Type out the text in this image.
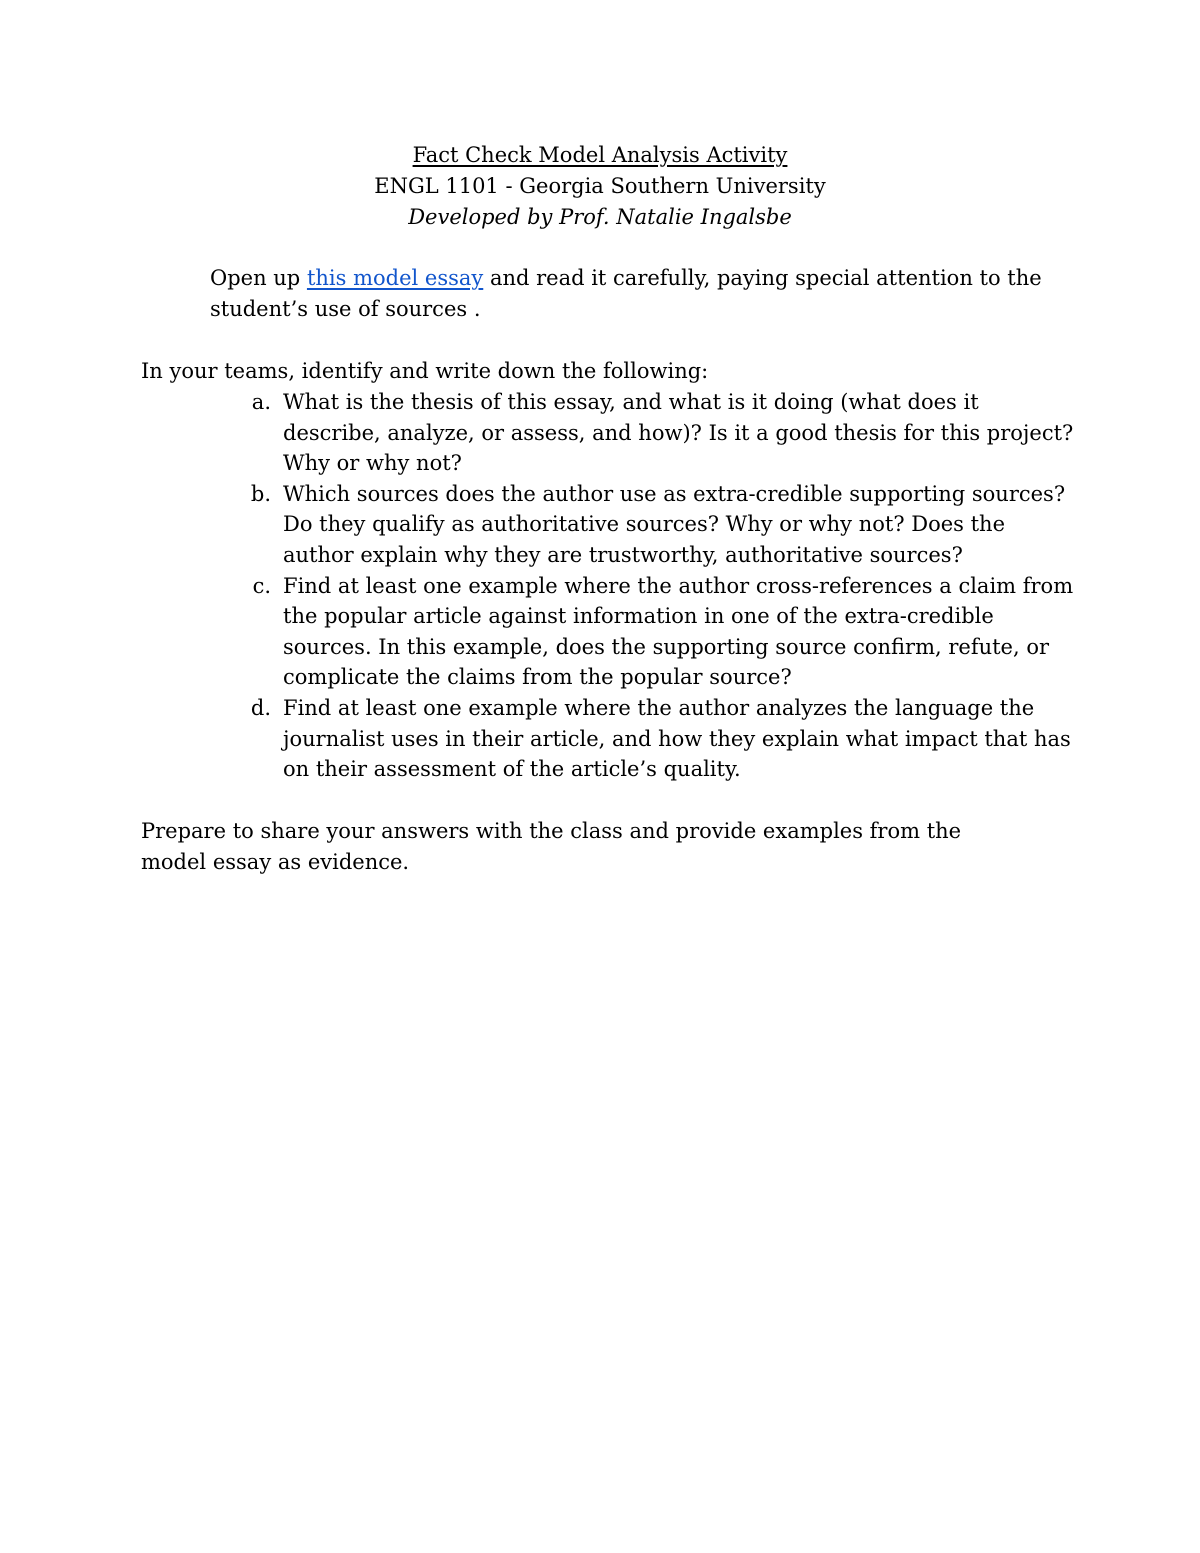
Fact Check Model Analysis Activity
ENGL 1101 - Georgia Southern University
Developed by Prof. Natalie Ingalsbe
Open up this model essay and read it carefully, paying special attention to the student’s use of sources .
In your teams, identify and write down the following:
a. What is the thesis of this essay, and what is it doing (what does it describe, analyze, or assess, and how)? Is it a good thesis for this project? Why or why not?
b. Which sources does the author use as extra-credible supporting sources? Do they qualify as authoritative sources? Why or why not? Does the author explain why they are trustworthy, authoritative sources?
c. Find at least one example where the author cross-references a claim from the popular article against information in one of the extra-credible sources. In this example, does the supporting source confirm, refute, or complicate the claims from the popular source?
d. Find at least one example where the author analyzes the language the journalist uses in their article, and how they explain what impact that has on their assessment of the article’s quality.
Prepare to share your answers with the class and provide examples from the model essay as evidence.
